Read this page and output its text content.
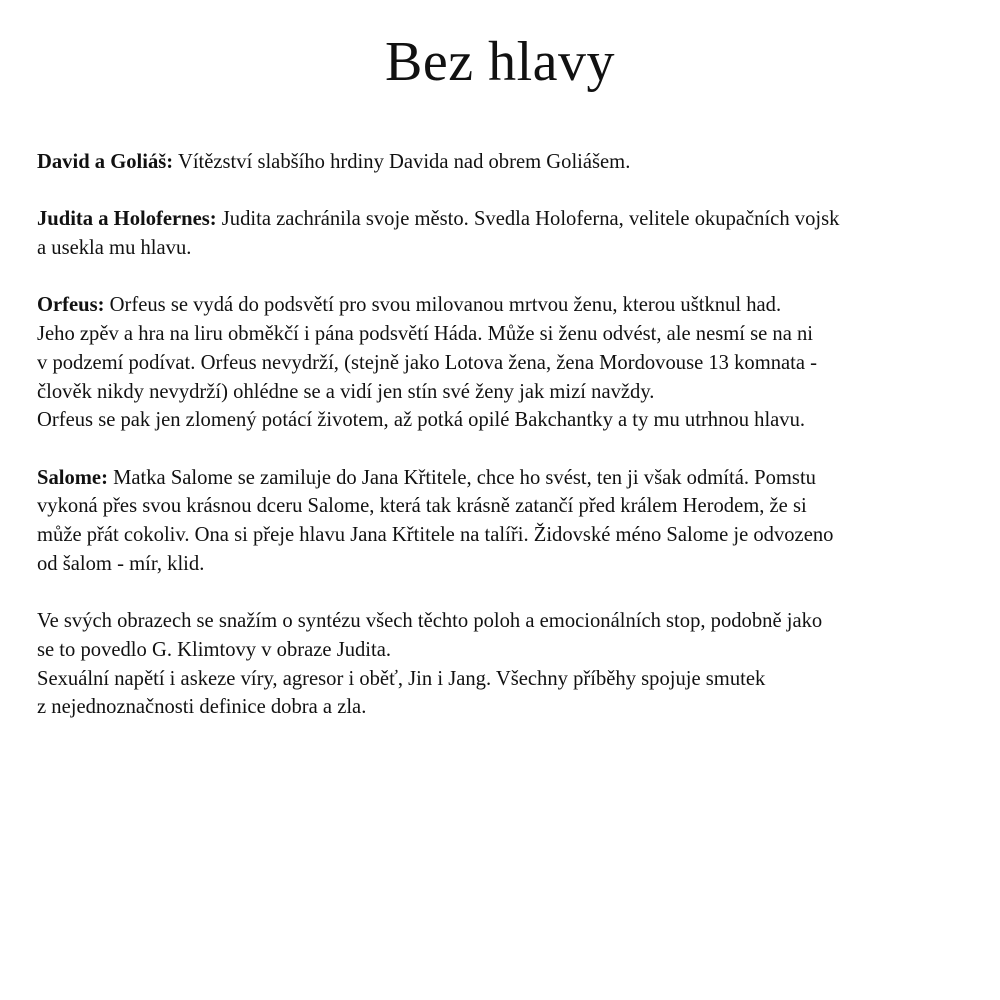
Bez hlavy

David a Goliáš: Vítězství slabšího hrdiny Davida nad obrem Goliášem.

Judita a Holofernes: Judita zachránila svoje město. Svedla Holoferna, velitele okupačních vojsk
a usekla mu hlavu.

Orfeus: Orfeus se vydá do podsvětí pro svou milovanou mrtvou ženu, kterou uštknul had.
Jeho zpěv a hra na liru obměkčí i pána podsvětí Háda. Může si ženu odvést, ale nesmí se na ni
v podzemí podívat. Orfeus nevydrží, (stejně jako Lotova žena, žena Mordovouse 13 komnata -
člověk nikdy nevydrží) ohlédne se a vidí jen stín své ženy jak mizí navždy.
Orfeus se pak jen zlomený potácí životem, až potká opilé Bakchantky a ty mu utrhnou hlavu.

Salome: Matka Salome se zamiluje do Jana Křtitele, chce ho svést, ten ji však odmítá. Pomstu
vykoná přes svou krásnou dceru Salome, která tak krásně zatančí před králem Herodem, že si
může přát cokoliv. Ona si přeje hlavu Jana Křtitele na talíři. Židovské méno Salome je odvozeno
od šalom - mír, klid.

Ve svých obrazech se snažím o syntézu všech těchto poloh a emocionálních stop, podobně jako
se to povedlo G. Klimtovy v obraze Judita.
Sexuální napětí i askeze víry, agresor i oběť, Jin i Jang. Všechny příběhy spojuje smutek
z nejednoznačnosti definice dobra a zla.
